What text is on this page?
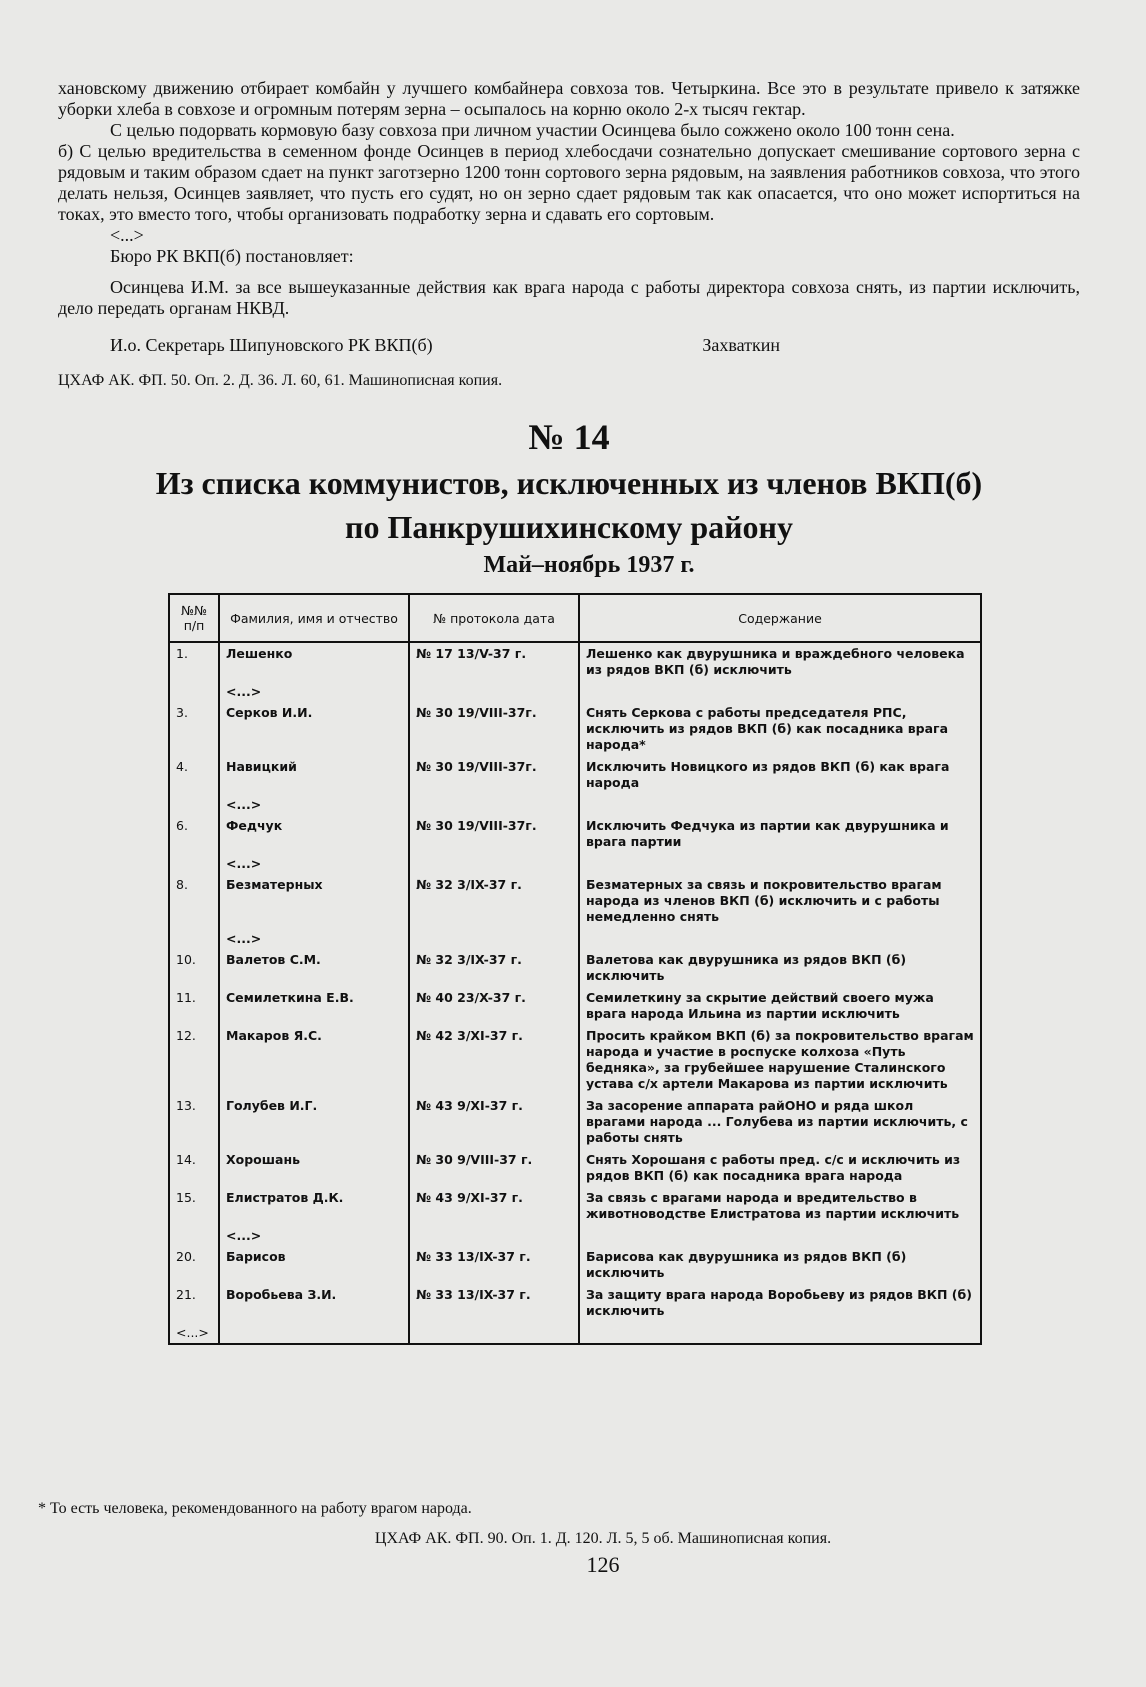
хановскому движению отбирает комбайн у лучшего комбайнера совхоза тов. Четыркина. Все это в результате привело к затяжке уборки хлеба в совхозе и огромным потерям зерна – осыпалось на корню около 2-х тысяч гектар.

С целью подорвать кормовую базу совхоза при личном участии Осинцева было сожжено около 100 тонн сена.

б) С целью вредительства в семенном фонде Осинцев в период хлебосдачи сознательно допускает смешивание сортового зерна с рядовым и таким образом сдает на пункт заготзерно 1200 тонн сортового зерна рядовым, на заявления работников совхоза, что этого делать нельзя, Осинцев заявляет, что пусть его судят, но он зерно сдает рядовым так как опасается, что оно может испортиться на токах, это вместо того, чтобы организовать подработку зерна и сдавать его сортовым.

<...>

Бюро РК ВКП(б) постановляет:

Осинцева И.М. за все вышеуказанные действия как врага народа с работы директора совхоза снять, из партии исключить, дело передать органам НКВД.

И.о. Секретарь Шипуновского РК ВКП(б)	Захваткин
ЦХАФ АК. ФП. 50. Оп. 2. Д. 36. Л. 60, 61. Машинописная копия.
№ 14
Из списка коммунистов, исключенных из членов ВКП(б)
по Панкрушихинскому району
Май–ноябрь 1937 г.
№№ п/п	Фамилия, имя и отчество	№ протокола дата	Содержание
1.	Лешенко	№ 17 13/V-37 г.	Лешенко как двурушника и враждебного человека из рядов ВКП (б) исключить
	<...>		
3.	Серков И.И.	№ 30 19/VIII-37г.	Снять Серкова с работы председателя РПС, исключить из рядов ВКП (б) как посадника врага народа*
4.	Навицкий	№ 30 19/VIII-37г.	Исключить Новицкого из рядов ВКП (б) как врага народа
	<...>		
6.	Федчук	№ 30 19/VIII-37г.	Исключить Федчука из партии как двурушника и врага партии
	<...>		
8.	Безматерных	№ 32 3/IX-37 г.	Безматерных за связь и покровительство врагам народа из членов ВКП (б) исключить и с работы немедленно снять
	<...>		
10.	Валетов С.М.	№ 32 3/IX-37 г.	Валетова как двурушника из рядов ВКП (б) исключить
11.	Семилеткина Е.В.	№ 40 23/X-37 г.	Семилеткину за скрытие действий своего мужа врага народа Ильина из партии исключить
12.	Макаров Я.С.	№ 42 3/XI-37 г.	Просить крайком ВКП (б) за покровительство врагам народа и участие в роспуске колхоза «Путь бедняка», за грубейшее нарушение Сталинского устава с/х артели Макарова из партии исключить
13.	Голубев И.Г.	№ 43 9/XI-37 г.	За засорение аппарата райОНО и ряда школ врагами народа ... Голубева из партии исключить, с работы снять
14.	Хорошань	№ 30 9/VIII-37 г.	Снять Хорошаня с работы пред. с/с и исключить из рядов ВКП (б) как посадника врага народа
15.	Елистратов Д.К.	№ 43 9/XI-37 г.	За связь с врагами народа и вредительство в животноводстве Елистратова из партии исключить
	<...>		
20.	Барисов	№ 33 13/IX-37 г.	Барисова как двурушника из рядов ВКП (б) исключить
21.	Воробьева З.И.	№ 33 13/IX-37 г.	За защиту врага народа Воробьеву из рядов ВКП (б) исключить
<...>			
* То есть человека, рекомендованного на работу врагом народа.
ЦХАФ АК. ФП. 90. Оп. 1. Д. 120. Л. 5, 5 об. Машинописная копия.
126
